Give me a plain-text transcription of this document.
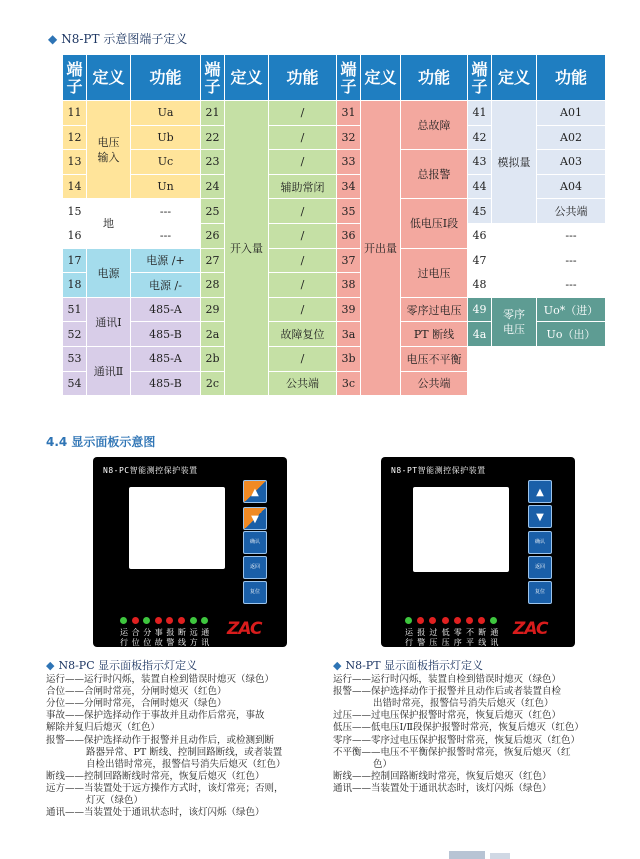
◆ N8-PT 示意图端子定义
端子	定义	功能	端子	定义	功能	端子	定义	功能	端子	定义	功能
11	电压输入	Ua	21	开入量	/	31	开出量	总故障	41	模拟量	A01
12		Ub	22		/	32			42		A02
13		Uc	23		/	33		总报警	43		A03
14		Un	24		辅助常闭	34			44		A04
15	地	---	25		/	35		低电压Ⅰ段	45		公共端
16		---	26		/	36			46		---
17	电源	电源 /+	27		/	37		过电压	47		---
18		电源 /-	28		/	38			48		---
51	通讯Ⅰ	485-A	29		/	39		零序过电压	49	零序电压	Uo*（进）
52		485-B	2a		故障复位	3a		PT 断线	4a		Uo（出）
53	通讯Ⅱ	485-A	2b		/	3b		电压不平衡			
54		485-B	2c		公共端	3c		公共端			
4.4 显示面板示意图
N8-PC智能测控保护装置
▲
▼
确认
返回
复位
ZAC
运行
合位
分位
事故
报警
断线
远方
通讯
N8-PT智能测控保护装置
▲
▼
确认
返回
复位
ZAC
运行
报警
过压
低压
零序
不平衡
断线
通讯
◆ N8-PC 显示面板指示灯定义
运行——运行时闪烁，装置自检到错误时熄灭（绿色）
合位——合闸时常亮，分闸时熄灭（红色）
分位——分闸时常亮，合闸时熄灭（绿色）
事故——保护选择动作于事故并且动作后常亮，事故
解除并复归后熄灭（红色）
报警——保护选择动作于报警并且动作后，或检测到断
路器异常、PT 断线、控制回路断线，或者装置
自检出错时常亮，报警信号消失后熄灭（红色）
断线——控制回路断线时常亮，恢复后熄灭（红色）
远方——当装置处于远方操作方式时，该灯常亮；否则，
灯灭（绿色）
通讯——当装置处于通讯状态时，该灯闪烁（绿色）
◆ N8-PT 显示面板指示灯定义
运行——运行时闪烁，装置自检到错误时熄灭（绿色）
报警——保护选择动作于报警并且动作后或者装置自检
出错时常亮，报警信号消失后熄灭（红色）
过压——过电压保护报警时常亮，恢复后熄灭（红色）
低压——低电压Ⅰ/Ⅱ段保护报警时常亮，恢复后熄灭（红色）
零序——零序过电压保护报警时常亮，恢复后熄灭（红色）
不平衡——电压不平衡保护报警时常亮，恢复后熄灭（红
色）
断线——控制回路断线时常亮，恢复后熄灭（红色）
通讯——当装置处于通讯状态时，该灯闪烁（绿色）
